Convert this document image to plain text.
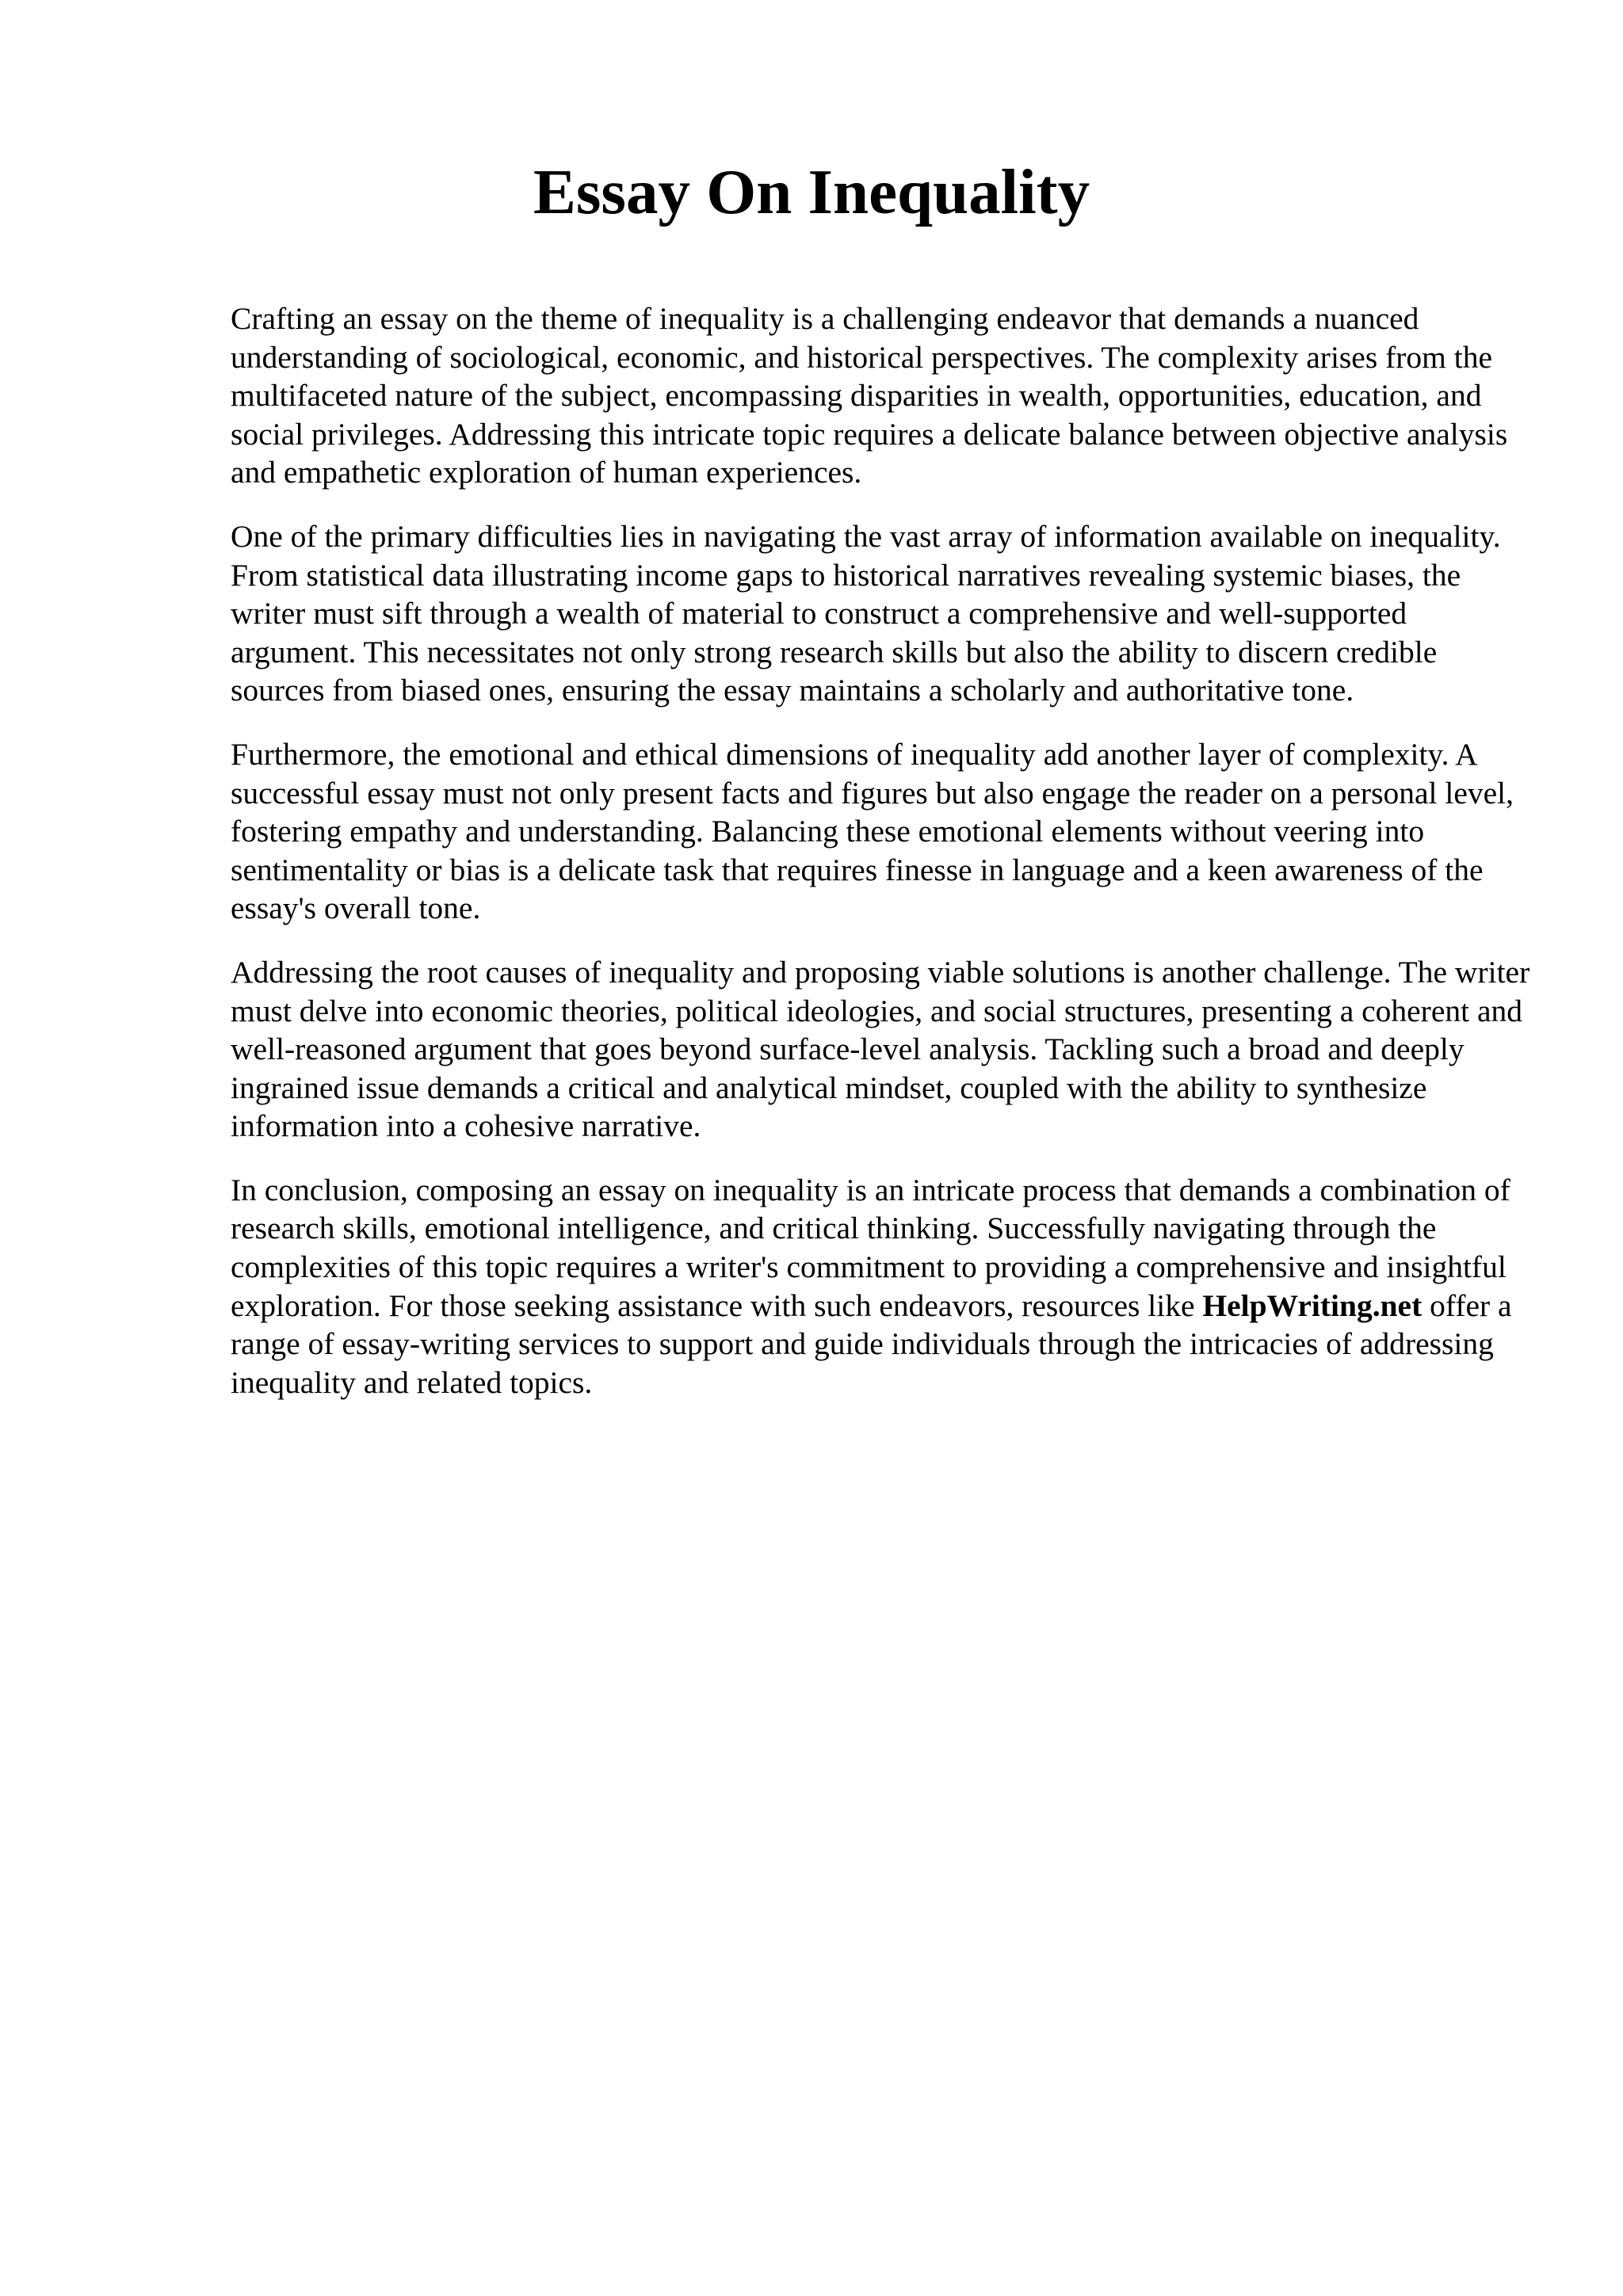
Essay On Inequality

Crafting an essay on the theme of inequality is a challenging endeavor that demands a nuanced understanding of sociological, economic, and historical perspectives. The complexity arises from the multifaceted nature of the subject, encompassing disparities in wealth, opportunities, education, and social privileges. Addressing this intricate topic requires a delicate balance between objective analysis and empathetic exploration of human experiences.

One of the primary difficulties lies in navigating the vast array of information available on inequality. From statistical data illustrating income gaps to historical narratives revealing systemic biases, the writer must sift through a wealth of material to construct a comprehensive and well-supported argument. This necessitates not only strong research skills but also the ability to discern credible sources from biased ones, ensuring the essay maintains a scholarly and authoritative tone.

Furthermore, the emotional and ethical dimensions of inequality add another layer of complexity. A successful essay must not only present facts and figures but also engage the reader on a personal level, fostering empathy and understanding. Balancing these emotional elements without veering into sentimentality or bias is a delicate task that requires finesse in language and a keen awareness of the essay's overall tone.

Addressing the root causes of inequality and proposing viable solutions is another challenge. The writer must delve into economic theories, political ideologies, and social structures, presenting a coherent and well-reasoned argument that goes beyond surface-level analysis. Tackling such a broad and deeply ingrained issue demands a critical and analytical mindset, coupled with the ability to synthesize information into a cohesive narrative.

In conclusion, composing an essay on inequality is an intricate process that demands a combination of research skills, emotional intelligence, and critical thinking. Successfully navigating through the complexities of this topic requires a writer's commitment to providing a comprehensive and insightful exploration. For those seeking assistance with such endeavors, resources like HelpWriting.net offer a range of essay-writing services to support and guide individuals through the intricacies of addressing inequality and related topics.
